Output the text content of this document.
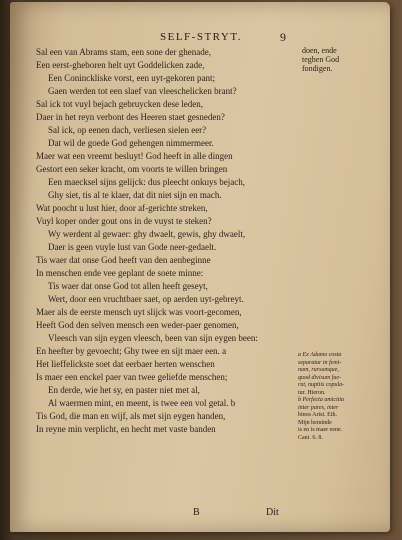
SELF-STRYT.	9
Sal een van Abrams stam, een sone der ghenade,
Een eerst-gheboren helt uyt Goddelicken zade,
Een Coninckliske vorst, een uyt-gekoren pant;
Gaen werden tot een slaef van vleeschelicken brant?
Sal ick tot vuyl bejach gebruycken dese leden,
Daer in het reyn verbont des Heeren staet gesneden?
Sal ick, op eenen dach, verliesen sielen eer?
Dat wil de goede God gehengen nimmermeer.
Maer wat een vreemt besluyt! God heeft in alle dingen
Gestort een seker kracht, om voorts te willen bringen
Een maecksel sijns gelijck: dus pleecht onkuys bejach,
Ghy siet, tis al te klaer, dat dit niet sijn en mach.
Wat poocht u lust hier, door af-gerichte streken,
Vuyl koper onder gout ons in de vuyst te steken?
Wy werdent al gewaer: ghy dwaelt, gewis, ghy dwaelt,
Daer is geen vuyle lust van Gode neer-gedaelt.
Tis waer dat onse God heeft van den aenbeginne
In menschen ende vee geplant de soete minne:
Tis waer dat onse God tot allen heeft geseyt,
Wert, door een vruchtbaer saet, op aerden uyt-gebreyt.
Maer als de eerste mensch uyt slijck was voort-gecomen,
Heeft God den selven mensch een weder-paer genomen,
Vleesch van sijn eygen vleesch, been van sijn eygen been:
En heefter by gevoecht; Ghy twee en sijt maer een. a
Het lieffelickste soet dat eerbaer herten wenschen
Is maer een enckel paer van twee geliefde menschen;
En derde, wie het sy, en paster niet met al,
Al waermen mint, en meent, is twee een vol getal. b
Tis God, die man en wijf, als met sijn eygen handen,
In reyne min verplicht, en hecht met vaste banden
doen, ende
teghen God
fondigen.
a Ex Adamo costa
separatur in femi-
nam, rursumque,
quod divisum fue-
rat, nuptiis copula-
tur. Hieron.
b Perfecta amicitia
inter pares, inter
binos Arist. Eth.
Mijn beminde
is en is maer eene.
Cant. 6. 8.
B	Dit
